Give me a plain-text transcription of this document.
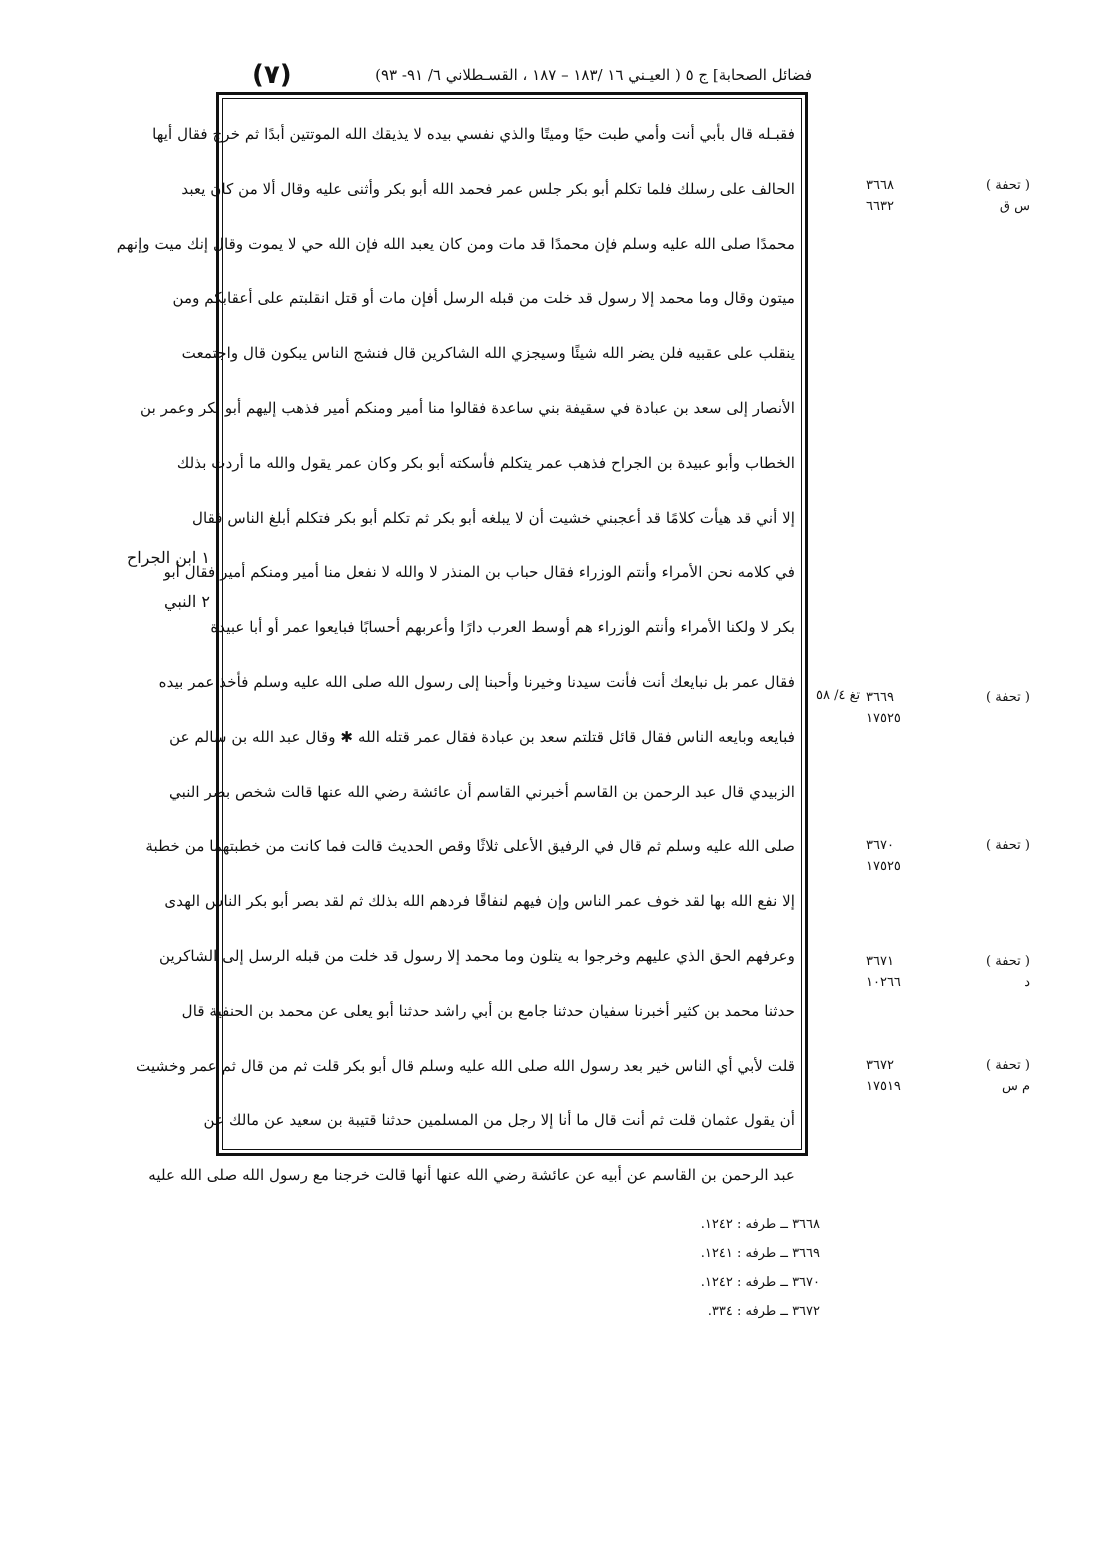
(٧)	فضائل الصحابة] ج ٥ ( العيـني ١٦ /١٨٣ – ١٨٧ ، القسـطلاني ٦/ ٩١- ٩٣)
فقبـله قال بأبي أنت وأمي طبت حيًا وميتًا والذي نفسي بيده لا يذيقك الله الموتتين أبدًا ثم خرج فقال أيها
الحالف على رسلك فلما تكلم أبو بكر جلس عمر فحمد الله أبو بكر وأثنى عليه وقال ألا من كان يعبد
محمدًا صلى الله عليه وسلم فإن محمدًا قد مات ومن كان يعبد الله فإن الله حي لا يموت وقال إنك ميت وإنهم
ميتون وقال وما محمد إلا رسول قد خلت من قبله الرسل أفإن مات أو قتل انقلبتم على أعقابكم ومن
ينقلب على عقبيه فلن يضر الله شيئًا وسيجزي الله الشاكرين قال فنشج الناس يبكون قال واجتمعت
الأنصار إلى سعد بن عبادة في سقيفة بني ساعدة فقالوا منا أمير ومنكم أمير فذهب إليهم أبو بكر وعمر بن
الخطاب وأبو عبيدة بن الجراح فذهب عمر يتكلم فأسكته أبو بكر وكان عمر يقول والله ما أردت بذلك
إلا أني قد هيأت كلامًا قد أعجبني خشيت أن لا يبلغه أبو بكر ثم تكلم أبو بكر فتكلم أبلغ الناس فقال
في كلامه نحن الأمراء وأنتم الوزراء فقال حباب بن المنذر لا والله لا نفعل منا أمير ومنكم أمير فقال أبو
بكر لا ولكنا الأمراء وأنتم الوزراء هم أوسط العرب دارًا وأعربهم أحسابًا فبايعوا عمر أو أبا عبيدة
فقال عمر بل نبايعك أنت فأنت سيدنا وخيرنا وأحبنا إلى رسول الله صلى الله عليه وسلم فأخذ عمر بيده
فبايعه وبايعه الناس فقال قائل قتلتم سعد بن عبادة فقال عمر قتله الله ✱ وقال عبد الله بن سالم عن
الزبيدي قال عبد الرحمن بن القاسم أخبرني القاسم أن عائشة رضي الله عنها قالت شخص بصر النبي
صلى الله عليه وسلم ثم قال في الرفيق الأعلى ثلاثًا وقص الحديث قالت فما كانت من خطبتهما من خطبة
إلا نفع الله بها لقد خوف عمر الناس وإن فيهم لنفاقًا فردهم الله بذلك ثم لقد بصر أبو بكر الناس الهدى
وعرفهم الحق الذي عليهم وخرجوا به يتلون وما محمد إلا رسول قد خلت من قبله الرسل إلى الشاكرين
حدثنا محمد بن كثير أخبرنا سفيان حدثنا جامع بن أبي راشد حدثنا أبو يعلى عن محمد بن الحنفية قال
قلت لأبي أي الناس خير بعد رسول الله صلى الله عليه وسلم قال أبو بكر قلت ثم من قال ثم عمر وخشيت
أن يقول عثمان قلت ثم أنت قال ما أنا إلا رجل من المسلمين حدثنا قتيبة بن سعيد عن مالك عن
عبد الرحمن بن القاسم عن أبيه عن عائشة رضي الله عنها أنها قالت خرجنا مع رسول الله صلى الله عليه
( تحفة )
٣٦٦٨
س ق
٦٦٣٢
( تحفة )
٣٦٦٩
١٧٥٢٥
( تحفة )
٣٦٧٠
١٧٥٢٥
( تحفة )
٣٦٧١
د
١٠٢٦٦
( تحفة )
٣٦٧٢
م س
١٧٥١٩
تغ ٤/ ٥٨
١ ابن الجراح
٢ النبي
٣٦٦٨ ــ طرفه : ١٢٤٢.
٣٦٦٩ ــ طرفه : ١٢٤١.
٣٦٧٠ ــ طرفه : ١٢٤٢.
٣٦٧٢ ــ طرفه : ٣٣٤.
